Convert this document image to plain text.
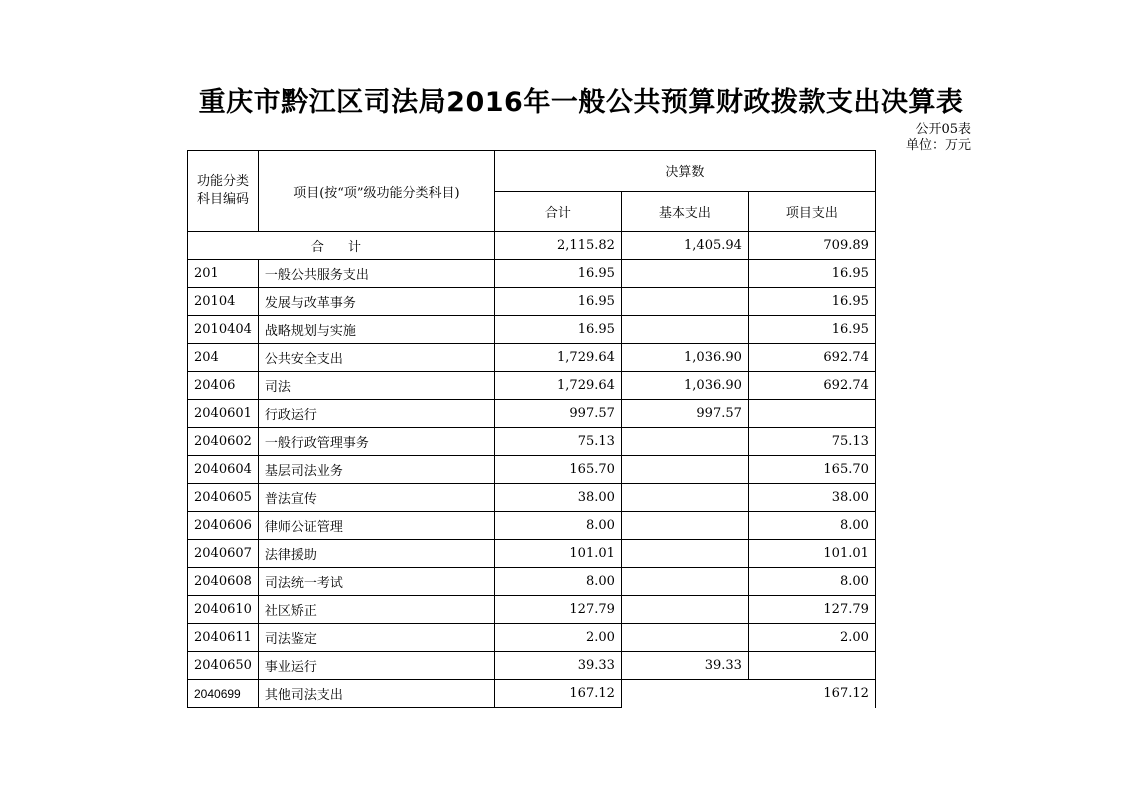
重庆市黔江区司法局2016年一般公共预算财政拨款支出决算表
公开05表
单位：万元
功能分类科目编码	项目(按“项”级功能分类科目)	决算数		
		合计	基本支出	项目支出
合 计		2,115.82	1,405.94	709.89
201	一般公共服务支出	16.95		16.95
20104	发展与改革事务	16.95		16.95
2010404	战略规划与实施	16.95		16.95
204	公共安全支出	1,729.64	1,036.90	692.74
20406	司法	1,729.64	1,036.90	692.74
2040601	行政运行	997.57	997.57	
2040602	一般行政管理事务	75.13		75.13
2040604	基层司法业务	165.70		165.70
2040605	普法宣传	38.00		38.00
2040606	律师公证管理	8.00		8.00
2040607	法律援助	101.01		101.01
2040608	司法统一考试	8.00		8.00
2040610	社区矫正	127.79		127.79
2040611	司法鉴定	2.00		2.00
2040650	事业运行	39.33	39.33	
2040699	其他司法支出	167.12		167.12
